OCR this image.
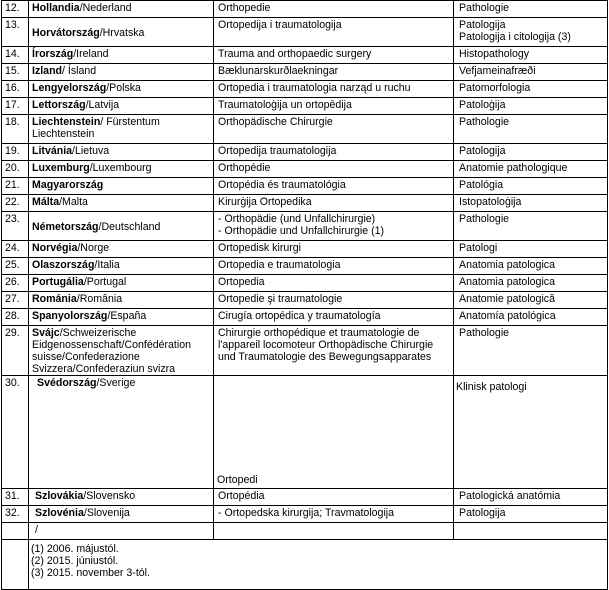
12.	Hollandia/Nederland	Orthopedie	Pathologie

13.	Horvátország/Hrvatska	Ortopedija i traumatologija	Patologija
Patologija i citologija (3)

14.	Írország/Ireland	Trauma and orthopaedic surgery	Histopathology

15.	Izland/ Ísland	Bæklunarskurðlaekningar	Vefjameinafræði

16.	Lengyelország/Polska	Ortopedia i traumatologia narząd u ruchu	Patomorfologia

17.	Lettország/Latvija	Traumatoloģija un ortopēdija	Patoloģija

18.	Liechtenstein/ Fürstentum Liechtenstein	Orthopädische Chirurgie	Pathologie

19.	Litvánia/Lietuva	Ortopedija traumatologija	Patologija

20.	Luxemburg/Luxembourg	Orthopédie	Anatomie pathologique

21.	Magyarország	Ortopédia és traumatológia	Patológia

22.	Málta/Malta	Kirurġija Ortopedika	Istopatoloġija

23.	Németország/Deutschland	- Orthopädie (und Unfallchirurgie)
- Orthopädie und Unfallchirurgie (1)	Pathologie

24.	Norvégia/Norge	Ortopedisk kirurgi	Patologi

25.	Olaszország/Italia	Ortopedia e traumatologia	Anatomia patologica

26.	Portugália/Portugal	Ortopedia	Anatomia patologica

27.	Románia/România	Ortopedie şi traumatologie	Anatomie patologică

28.	Spanyolország/España	Cirugía ortopédica y traumatología	Anatomía patológica

29.	Svájc/Schweizerische Eidgenossenschaft/Confédération suisse/Confederazione Svizzera/Confederaziun svizra	Chirurgie orthopédique et traumatologie de l'appareil locomoteur Orthopädische Chirurgie und Traumatologie des Bewegungsapparates	Pathologie

30.	Svédország/Sverige	Ortopedi	Klinisk patologi

31.	Szlovákia/Slovensko	Ortopédia	Patologická anatómia

32.	Szlovénia/Slovenija	- Ortopedska kirurgija; Travmatologija	Patologija

	/	

	(1) 2006. májustól.
(2) 2015. júniustól.
(3) 2015. november 3-tól.		
